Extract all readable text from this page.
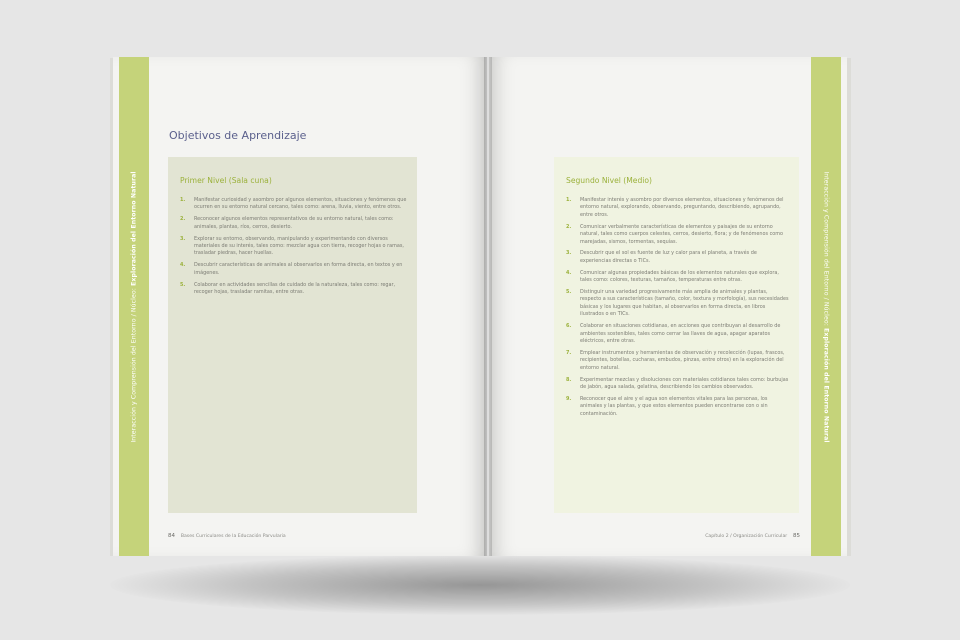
Interacción y Comprensión del Entorno / Núcleo: Exploración del Entorno Natural
Objetivos de Aprendizaje
Primer Nivel (Sala cuna)
1.	Manifestar curiosidad y asombro por algunos elementos, situaciones y fenómenos que ocurren en su entorno natural cercano, tales como: arena, lluvia, viento, entre otros.
2.	Reconocer algunos elementos representativos de su entorno natural, tales como: animales, plantas, ríos, cerros, desierto.
3.	Explorar su entorno, observando, manipulando y experimentando con diversos materiales de su interés, tales como: mezclar agua con tierra, recoger hojas o ramas, trasladar piedras, hacer huellas.
4.	Descubrir características de animales al observarlos en forma directa, en textos y en imágenes.
5.	Colaborar en actividades sencillas de cuidado de la naturaleza, tales como: regar, recoger hojas, trasladar ramitas, entre otras.
84 Bases Curriculares de la Educación Parvularia
Interacción y Comprensión del Entorno / Núcleo: Exploración del Entorno Natural
Segundo Nivel (Medio)
1.	Manifestar interés y asombro por diversos elementos, situaciones y fenómenos del entorno natural, explorando, observando, preguntando, describiendo, agrupando, entre otros.
2.	Comunicar verbalmente características de elementos y paisajes de su entorno natural, tales como cuerpos celestes, cerros, desierto, flora; y de fenómenos como marejadas, sismos, tormentas, sequías.
3.	Descubrir que el sol es fuente de luz y calor para el planeta, a través de experiencias directas o TICs.
4.	Comunicar algunas propiedades básicas de los elementos naturales que explora, tales como: colores, texturas, tamaños, temperaturas entre otras.
5.	Distinguir una variedad progresivamente más amplia de animales y plantas, respecto a sus características (tamaño, color, textura y morfología), sus necesidades básicas y los lugares que habitan, al observarlos en forma directa, en libros ilustrados o en TICs.
6.	Colaborar en situaciones cotidianas, en acciones que contribuyan al desarrollo de ambientes sostenibles, tales como cerrar las llaves de agua, apagar aparatos eléctricos, entre otras.
7.	Emplear instrumentos y herramientas de observación y recolección (lupas, frascos, recipientes, botellas, cucharas, embudos, pinzas, entre otros) en la exploración del entorno natural.
8.	Experimentar mezclas y disoluciones con materiales cotidianos tales como: burbujas de jabón, agua salada, gelatina, describiendo los cambios observados.
9.	Reconocer que el aire y el agua son elementos vitales para las personas, los animales y las plantas, y que estos elementos pueden encontrarse con o sin contaminación.
Capítulo 2 / Organización Curricular 85
